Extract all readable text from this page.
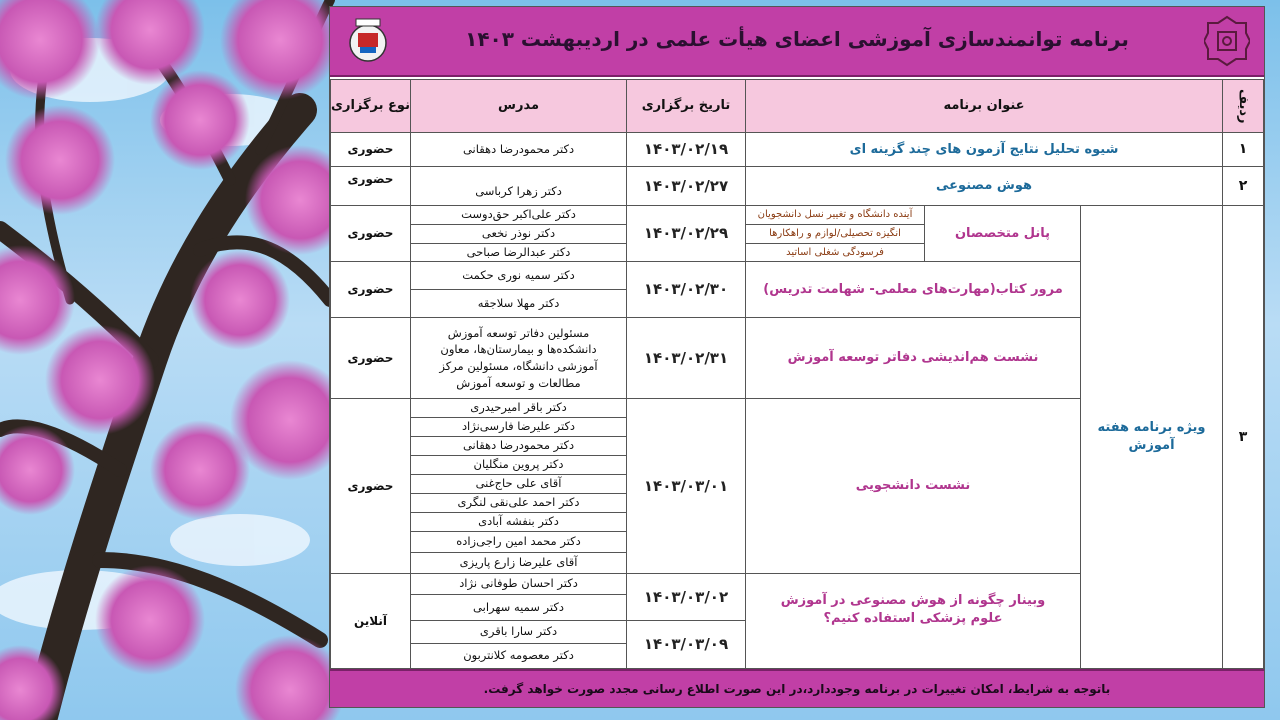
برنامه توانمندسازی آموزشی اعضای هیأت علمی در اردیبهشت ۱۴۰۳
ردیف
عنوان برنامه
تاریخ برگزاری
مدرس
نوع برگزاری
۱
شیوه تحلیل نتایج آزمون های چند گزینه ای
۱۴۰۳/۰۲/۱۹
دکتر محمودرضا دهقانی
حضوری
۲
هوش مصنوعی
۱۴۰۳/۰۲/۲۷
دکتر زهرا کرباسی
حضوری
۳
ویژه برنامه هفته آموزش
پانل متخصصان
آینده دانشگاه و تغییر نسل دانشجویان
انگیزه تحصیلی/لوازم و راهکارها
فرسودگی شغلی اساتید
۱۴۰۳/۰۲/۲۹
دکتر علی‌اکبر حق‌دوست
دکتر نوذر نخعی
دکتر عبدالرضا صباحی
حضوری
مرور کتاب(مهارت‌های معلمی- شهامت تدریس)
۱۴۰۳/۰۲/۳۰
دکتر سمیه نوری حکمت
دکتر مهلا سلاجقه
حضوری
نشست هم‌اندیشی دفاتر توسعه آموزش
۱۴۰۳/۰۲/۳۱
مسئولین دفاتر توسعه آموزش دانشکده‌ها و بیمارستان‌ها، معاون آموزشی دانشگاه، مسئولین مرکز مطالعات و توسعه آموزش
حضوری
نشست دانشجویی
۱۴۰۳/۰۳/۰۱
دکتر باقر امیرحیدری
دکتر علیرضا فارسی‌نژاد
دکتر محمودرضا دهقانی
دکتر پروین منگلیان
آقای علی حاج‌غنی
دکتر احمد علی‌نقی لنگری
دکتر بنفشه آبادی
دکتر محمد امین راجی‌زاده
آقای علیرضا زارع پاریزی
حضوری
وبینار چگونه از هوش مصنوعی در آموزش علوم پزشکی استفاده کنیم؟
۱۴۰۳/۰۳/۰۲
۱۴۰۳/۰۳/۰۹
دکتر احسان طوفانی نژاد
دکتر سمیه سهرابی
دکتر سارا باقری
دکتر معصومه کلانتربون
آنلاین
باتوجه به شرایط، امکان تغییرات در برنامه وجوددارد،در این صورت اطلاع رسانی مجدد صورت خواهد گرفت.
